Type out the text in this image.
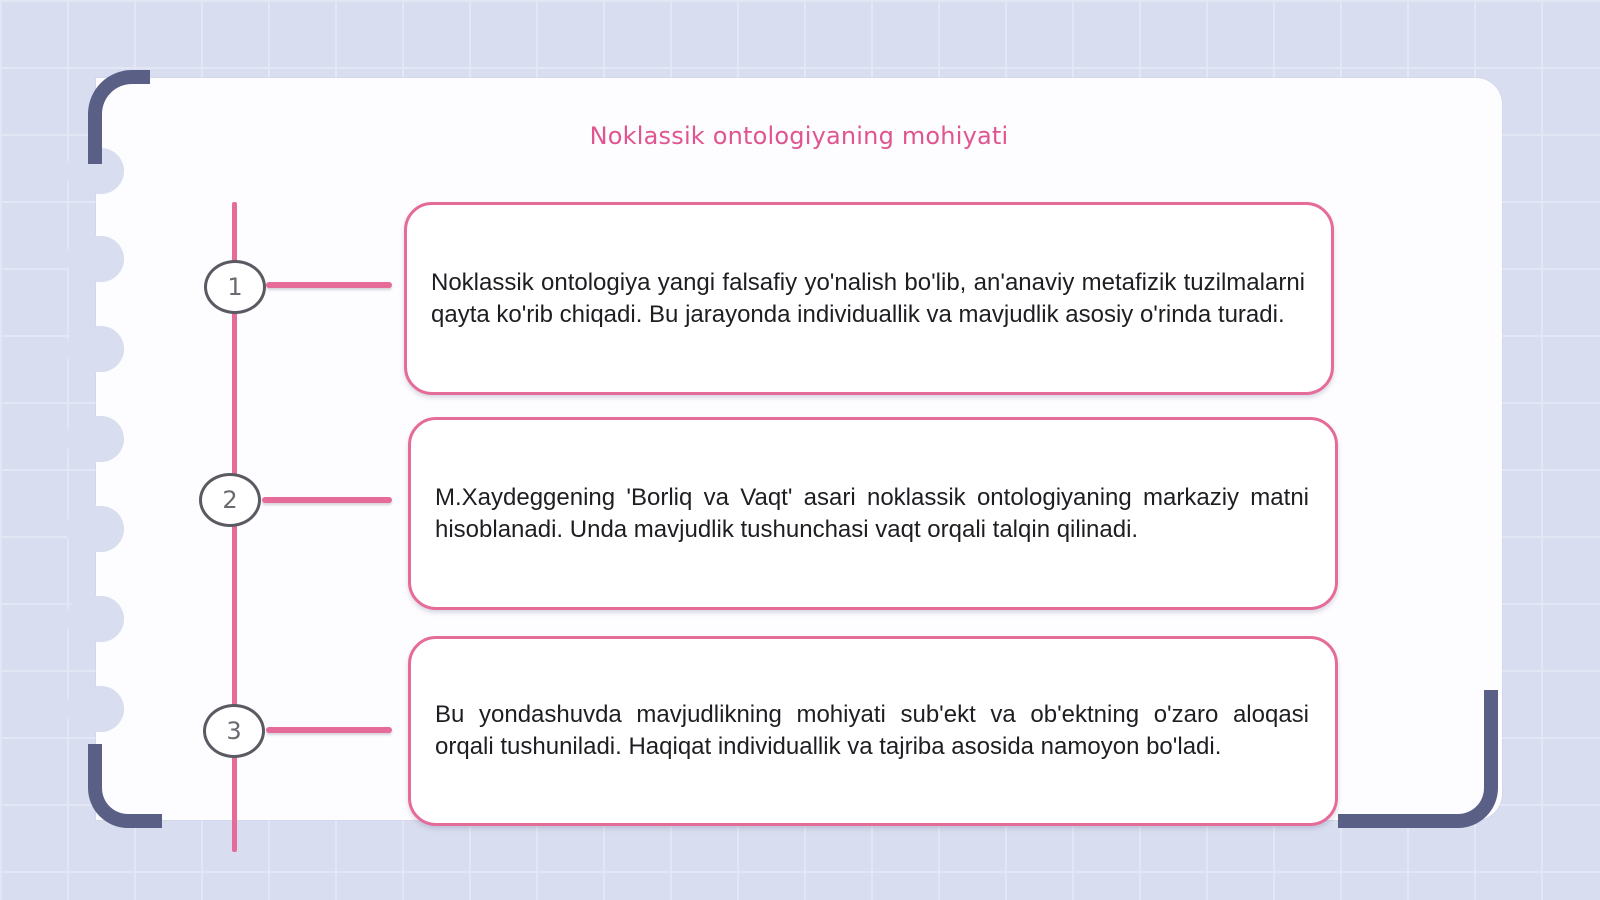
Noklassik ontologiyaning mohiyati
1
2
3
Noklassik ontologiya yangi falsafiy yo'nalish bo'lib, an'anaviy metafizik tuzilmalarni qayta ko'rib chiqadi. Bu jarayonda individuallik va mavjudlik asosiy o'rinda turadi.
M.Xaydeggening 'Borliq va Vaqt' asari noklassik ontologiyaning markaziy matni hisoblanadi. Unda mavjudlik tushunchasi vaqt orqali talqin qilinadi.
Bu yondashuvda mavjudlikning mohiyati sub'ekt va ob'ektning o'zaro aloqasi orqali tushuniladi. Haqiqat individuallik va tajriba asosida namoyon bo'ladi.
